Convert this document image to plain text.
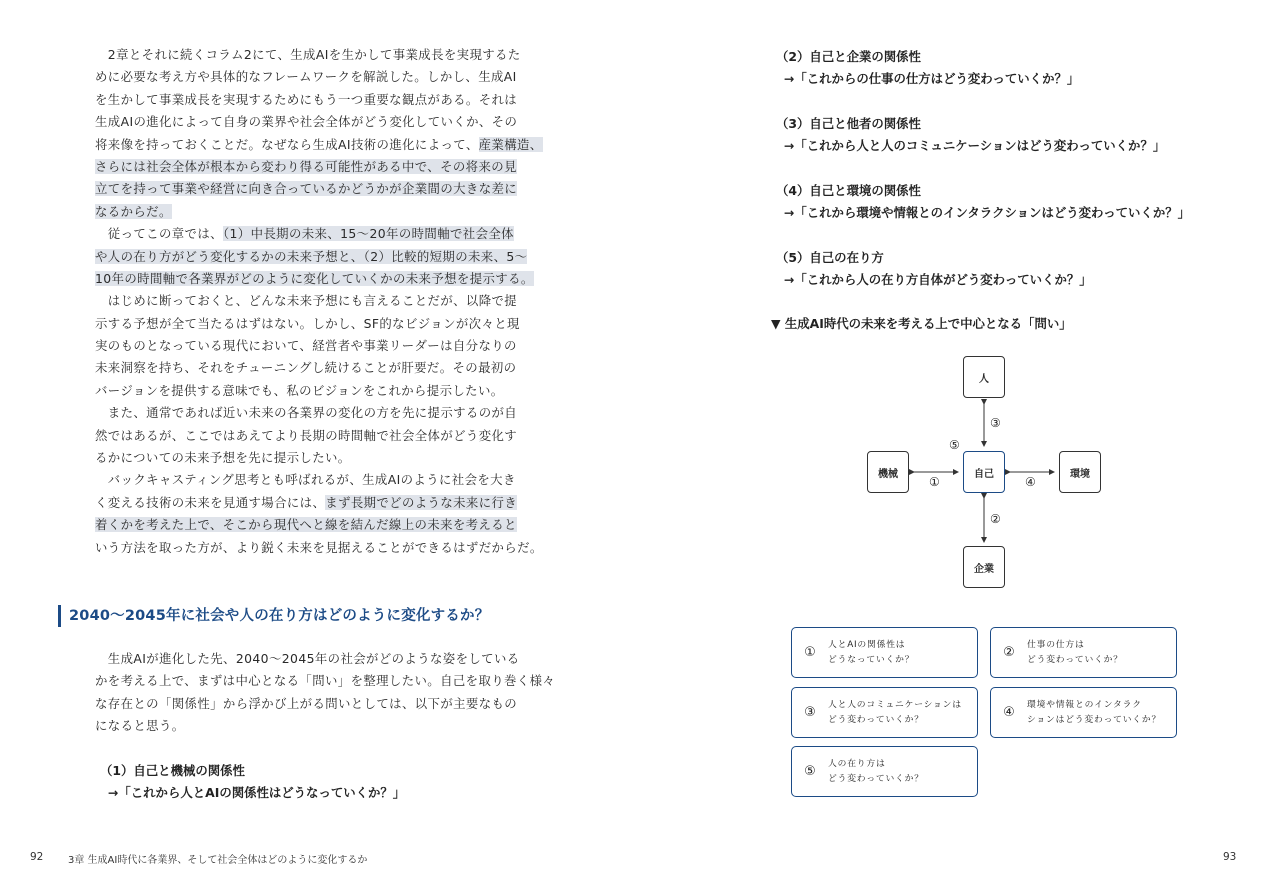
　2章とそれに続くコラム2にて、生成AIを生かして事業成長を実現するた
めに必要な考え方や具体的なフレームワークを解説した。しかし、生成AI
を生かして事業成長を実現するためにもう一つ重要な観点がある。それは
生成AIの進化によって自身の業界や社会全体がどう変化していくか、その
将来像を持っておくことだ。なぜなら生成AI技術の進化によって、産業構造、
さらには社会全体が根本から変わり得る可能性がある中で、その将来の見
立てを持って事業や経営に向き合っているかどうかが企業間の大きな差に
なるからだ。
　従ってこの章では、（1）中長期の未来、15～20年の時間軸で社会全体
や人の在り方がどう変化するかの未来予想と、（2）比較的短期の未来、5～
10年の時間軸で各業界がどのように変化していくかの未来予想を提示する。
　はじめに断っておくと、どんな未来予想にも言えることだが、以降で提
示する予想が全て当たるはずはない。しかし、SF的なビジョンが次々と現
実のものとなっている現代において、経営者や事業リーダーは自分なりの
未来洞察を持ち、それをチューニングし続けることが肝要だ。その最初の
バージョンを提供する意味でも、私のビジョンをこれから提示したい。
　また、通常であれば近い未来の各業界の変化の方を先に提示するのが自
然ではあるが、ここではあえてより長期の時間軸で社会全体がどう変化す
るかについての未来予想を先に提示したい。
　バックキャスティング思考とも呼ばれるが、生成AIのように社会を大き
く変える技術の未来を見通す場合には、まず長期でどのような未来に行き
着くかを考えた上で、そこから現代へと線を結んだ線上の未来を考えると
いう方法を取った方が、より鋭く未来を見据えることができるはずだからだ。
2040～2045年に社会や人の在り方はどのように変化するか？
　生成AIが進化した先、2040～2045年の社会がどのような姿をしている
かを考える上で、まずは中心となる「問い」を整理したい。自己を取り巻く様々
な存在との「関係性」から浮かび上がる問いとしては、以下が主要なもの
になると思う。
（1）自己と機械の関係性
→「これから人とAIの関係性はどうなっていくか？」
92 3章 生成AI時代に各業界、そして社会全体はどのように変化するか
（2）自己と企業の関係性
→「これからの仕事の仕方はどう変わっていくか？」
（3）自己と他者の関係性
→「これから人と人のコミュニケーションはどう変わっていくか？」
（4）自己と環境の関係性
→「これから環境や情報とのインタラクションはどう変わっていくか？」
（5）自己の在り方
→「これから人の在り方自体がどう変わっていくか？」
▼ 生成AI時代の未来を考える上で中心となる「問い」
人
機械	自己	環境
企業
③
⑤
①	④
②
①
人とAIの関係性は
どうなっていくか？	②
仕事の仕方は
どう変わっていくか？
③
人と人のコミュニケーションは
どう変わっていくか？	④
環境や情報とのインタラク
ションはどう変わっていくか？
⑤
人の在り方は
どう変わっていくか？
93
